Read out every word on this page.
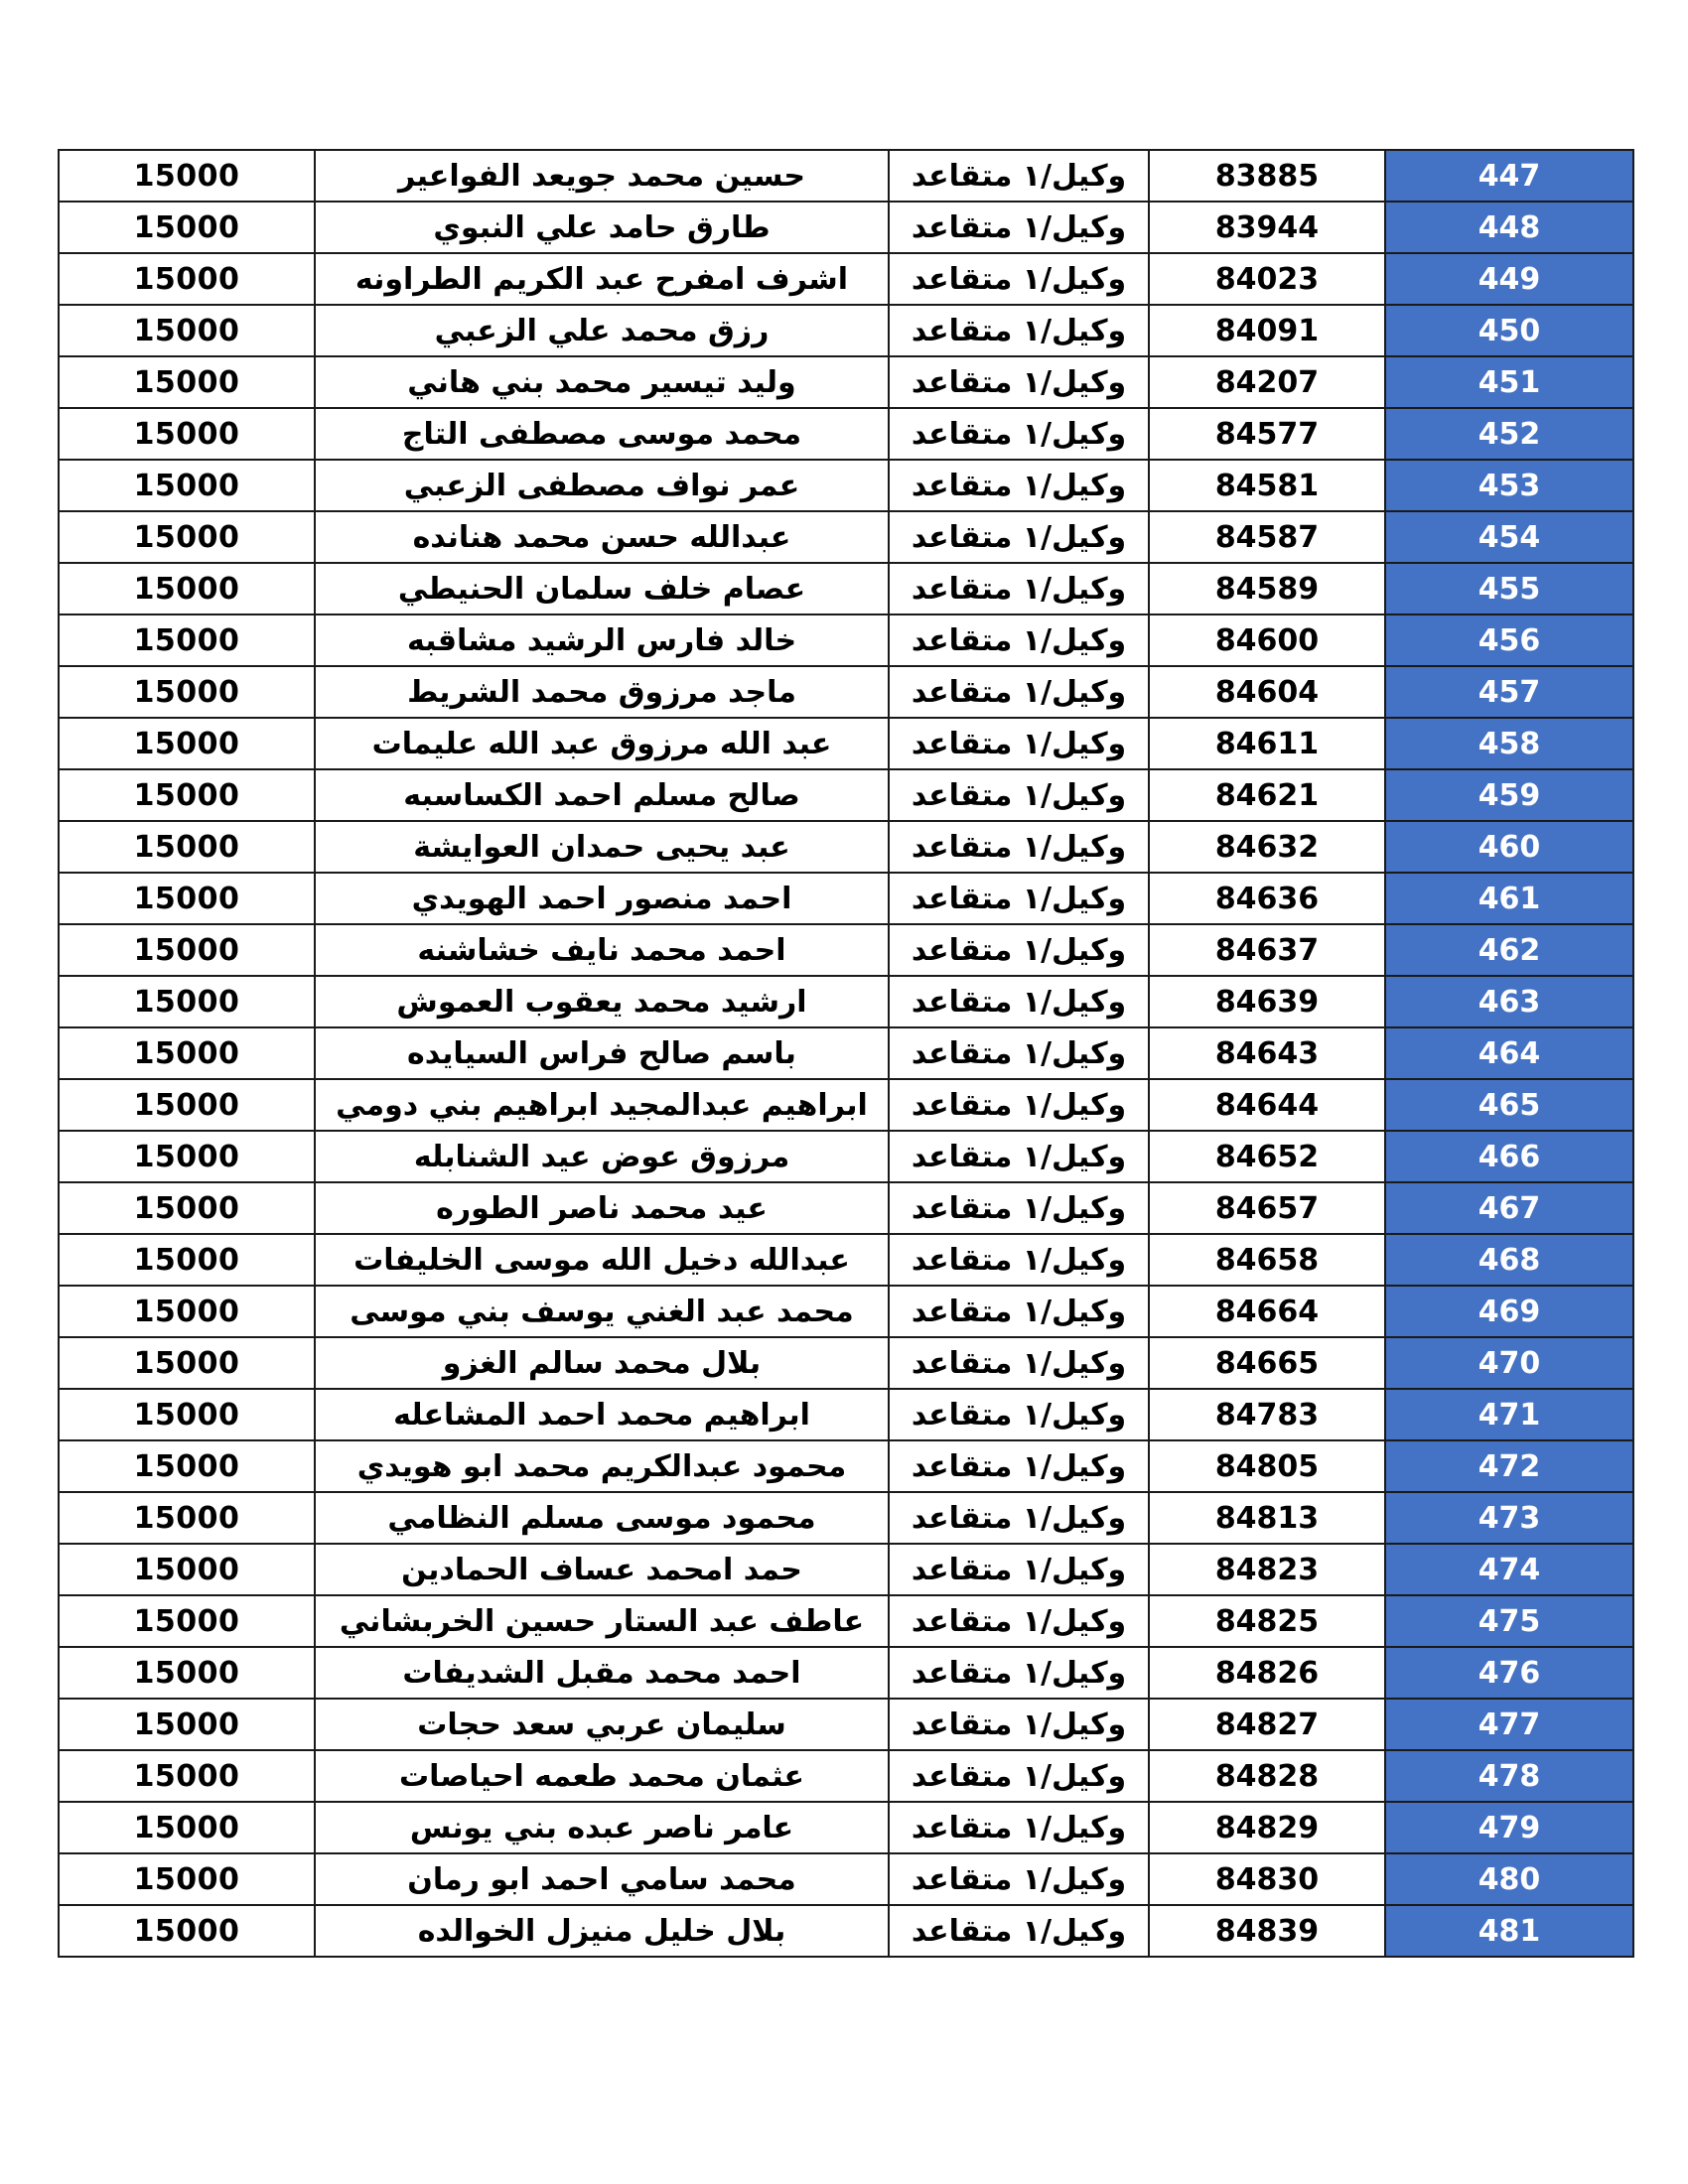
15000	حسين محمد جويعد الفواعير	وكيل/١ متقاعد	83885	447
15000	طارق حامد علي النبوي	وكيل/١ متقاعد	83944	448
15000	اشرف امفرح عبد الكريم الطراونه	وكيل/١ متقاعد	84023	449
15000	رزق محمد علي الزعبي	وكيل/١ متقاعد	84091	450
15000	وليد تيسير محمد بني هاني	وكيل/١ متقاعد	84207	451
15000	محمد موسى مصطفى التاج	وكيل/١ متقاعد	84577	452
15000	عمر نواف مصطفى الزعبي	وكيل/١ متقاعد	84581	453
15000	عبدالله حسن محمد هنانده	وكيل/١ متقاعد	84587	454
15000	عصام خلف سلمان الحنيطي	وكيل/١ متقاعد	84589	455
15000	خالد فارس الرشيد مشاقبه	وكيل/١ متقاعد	84600	456
15000	ماجد مرزوق محمد الشريط	وكيل/١ متقاعد	84604	457
15000	عبد الله مرزوق عبد الله عليمات	وكيل/١ متقاعد	84611	458
15000	صالح مسلم احمد الكساسبه	وكيل/١ متقاعد	84621	459
15000	عبد يحيى حمدان العوايشة	وكيل/١ متقاعد	84632	460
15000	احمد منصور احمد الهويدي	وكيل/١ متقاعد	84636	461
15000	احمد محمد نايف خشاشنه	وكيل/١ متقاعد	84637	462
15000	ارشيد محمد يعقوب العموش	وكيل/١ متقاعد	84639	463
15000	باسم صالح فراس السيايده	وكيل/١ متقاعد	84643	464
15000	ابراهيم عبدالمجيد ابراهيم بني دومي	وكيل/١ متقاعد	84644	465
15000	مرزوق عوض عيد الشنابله	وكيل/١ متقاعد	84652	466
15000	عيد محمد ناصر الطوره	وكيل/١ متقاعد	84657	467
15000	عبدالله دخيل الله موسى الخليفات	وكيل/١ متقاعد	84658	468
15000	محمد عبد الغني يوسف بني موسى	وكيل/١ متقاعد	84664	469
15000	بلال محمد سالم الغزو	وكيل/١ متقاعد	84665	470
15000	ابراهيم محمد احمد المشاعله	وكيل/١ متقاعد	84783	471
15000	محمود عبدالكريم محمد ابو هويدي	وكيل/١ متقاعد	84805	472
15000	محمود موسى مسلم النظامي	وكيل/١ متقاعد	84813	473
15000	حمد امحمد عساف الحمادين	وكيل/١ متقاعد	84823	474
15000	عاطف عبد الستار حسين الخربشاني	وكيل/١ متقاعد	84825	475
15000	احمد محمد مقبل الشديفات	وكيل/١ متقاعد	84826	476
15000	سليمان عربي سعد حجات	وكيل/١ متقاعد	84827	477
15000	عثمان محمد طعمه احياصات	وكيل/١ متقاعد	84828	478
15000	عامر ناصر عبده بني يونس	وكيل/١ متقاعد	84829	479
15000	محمد سامي احمد ابو رمان	وكيل/١ متقاعد	84830	480
15000	بلال خليل منيزل الخوالده	وكيل/١ متقاعد	84839	481
